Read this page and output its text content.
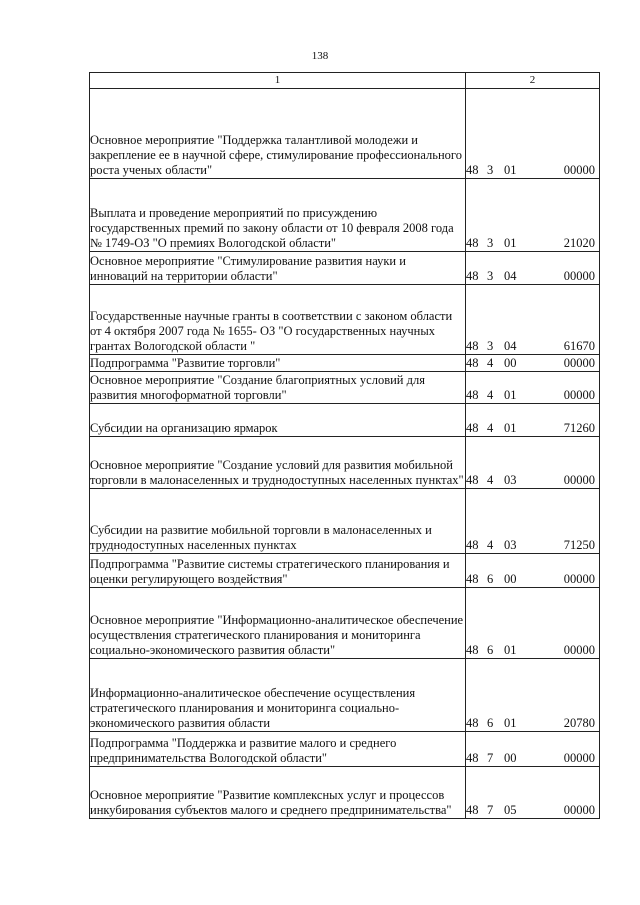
138
1	2
Основное мероприятие "Поддержка талантливой молодежи и закрепление ее в научной сфере, стимулирование профессионального роста ученых области"	48 3 01 00000

Выплата и проведение мероприятий по присуждению государственных премий по закону области от 10 февраля 2008 года № 1749-ОЗ "О премиях Вологодской области"	48 3 01 21020

Основное мероприятие "Стимулирование развития науки и инноваций на территории области"	48 3 04 00000

Государственные научные гранты в соответствии с законом области от 4 октября 2007 года № 1655- ОЗ "О государственных научных грантах Вологодской области "	48 3 04 61670

Подпрограмма "Развитие торговли"	48 4 00 00000

Основное мероприятие "Создание благоприятных условий для развития многоформатной торговли"	48 4 01 00000

Субсидии на организацию ярмарок	48 4 01 71260

Основное мероприятие "Создание условий для развития мобильной торговли в малонаселенных и труднодоступных населенных пунктах"	48 4 03 00000

Субсидии на развитие мобильной торговли в малонаселенных и труднодоступных населенных пунктах	48 4 03 71250

Подпрограмма "Развитие системы стратегического планирования и оценки регулирующего воздействия"	48 6 00 00000

Основное мероприятие "Информационно-аналитическое обеспечение осуществления стратегического планирования и мониторинга социально-экономического развития области"	48 6 01 00000

Информационно-аналитическое обеспечение осуществления стратегического планирования и мониторинга социально-экономического развития области	48 6 01 20780

Подпрограмма "Поддержка и развитие малого и среднего предпринимательства Вологодской области"	48 7 00 00000

Основное мероприятие "Развитие комплексных услуг и процессов инкубирования субъектов малого и среднего предпринимательства"	48 7 05 00000
